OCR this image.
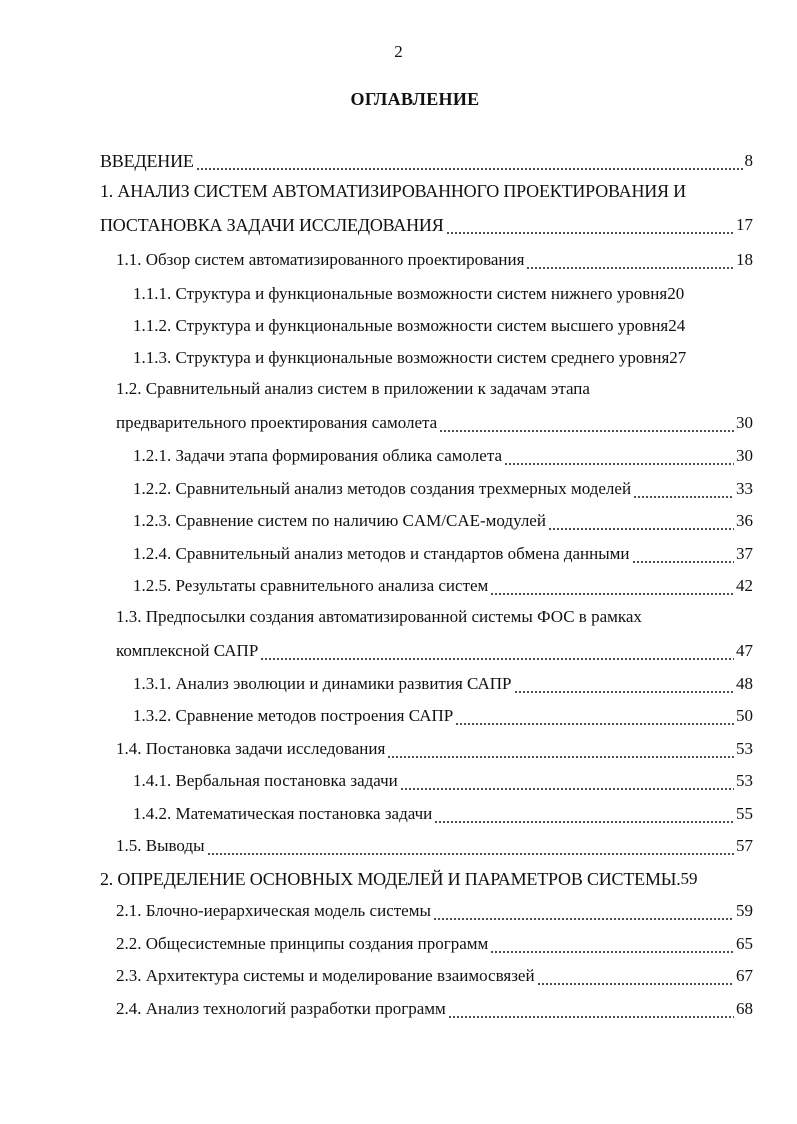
2
ОГЛАВЛЕНИЕ
ВВЕДЕНИЕ	8
1. АНАЛИЗ СИСТЕМ АВТОМАТИЗИРОВАННОГО ПРОЕКТИРОВАНИЯ И
ПОСТАНОВКА ЗАДАЧИ ИССЛЕДОВАНИЯ	17
1.1. Обзор систем автоматизированного проектирования	18
1.1.1. Структура и функциональные возможности систем нижнего уровня 20
1.1.2. Структура и функциональные возможности систем высшего уровня 24
1.1.3. Структура и функциональные возможности систем среднего уровня 27
1.2. Сравнительный анализ систем в приложении к задачам этапа
предварительного проектирования самолета	30
1.2.1. Задачи этапа формирования облика самолета	30
1.2.2. Сравнительный анализ методов создания трехмерных моделей	33
1.2.3. Сравнение систем по наличию CAM/CAE-модулей	36
1.2.4. Сравнительный анализ методов и стандартов обмена данными	37
1.2.5. Результаты сравнительного анализа систем	42
1.3. Предпосылки создания автоматизированной системы ФОС в рамках
комплексной САПР	47
1.3.1. Анализ эволюции и динамики развития САПР	48
1.3.2. Сравнение методов построения САПР	50
1.4. Постановка задачи исследования	53
1.4.1. Вербальная постановка задачи	53
1.4.2. Математическая постановка задачи	55
1.5. Выводы	57
2. ОПРЕДЕЛЕНИЕ ОСНОВНЫХ МОДЕЛЕЙ И ПАРАМЕТРОВ СИСТЕМЫ. 59
2.1. Блочно-иерархическая модель системы	59
2.2. Общесистемные принципы создания программ	65
2.3. Архитектура системы и моделирование взаимосвязей	67
2.4. Анализ технологий разработки программ	68
